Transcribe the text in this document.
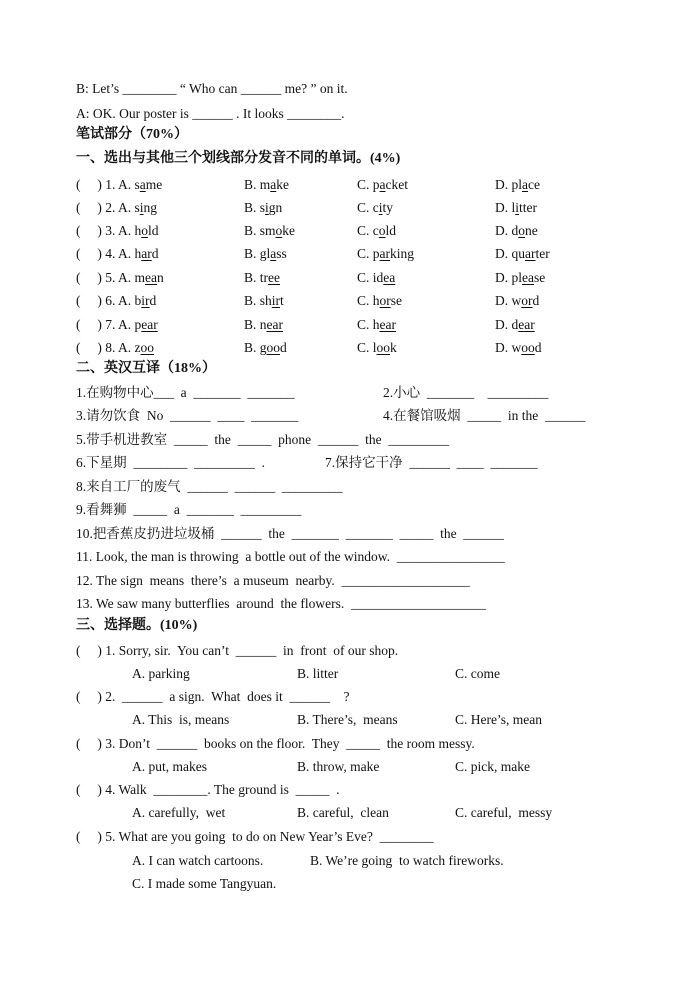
B: Let’s ________ “ Who can ______ me? ” on it.
A: OK. Our poster is ______ . It looks ________.
笔试部分（70%）
一、选出与其他三个划线部分发音不同的单词。(4%)
(     ) 1. A. same	B. make	C. packet	D. place
(     ) 2. A. sing	B. sign	C. city	D. litter
(     ) 3. A. hold	B. smoke	C. cold	D. done
(     ) 4. A. hard	B. glass	C. parking	D. quarter
(     ) 5. A. mean	B. tree	C. idea	D. please
(     ) 6. A. bird	B. shirt	C. horse	D. word
(     ) 7. A. pear	B. near	C. hear	D. dear
(     ) 8. A. zoo	B. good	C. look	D. wood
二、英汉互译（18%）
1.在购物中心___  a  _______  _______	2.小心  _______    _________
3.请勿饮食  No  ______  ____  _______	4.在餐馆吸烟  _____  in the  ______
5.带手机进教室  _____  the  _____  phone  ______  the  _________
6.下星期  ________  _________  .	7.保持它干净  ______  ____  _______
8.来自工厂的废气  ______  ______  _________
9.看舞狮  _____  a  _______  _________
10.把香蕉皮扔进垃圾桶  ______  the  _______  _______  _____  the  ______
11. Look, the man is throwing  a bottle out of the window.  ________________
12. The sign  means  there’s  a museum  nearby.  ___________________
13. We saw many butterflies  around  the flowers.  ____________________
三、选择题。(10%)
(     ) 1. Sorry, sir.  You can’t  ______  in  front  of our shop.
A. parking	B. litter	C. come
(     ) 2.  ______  a sign.  What  does it  ______    ?
A. This  is, means	B. There’s,  means	C. Here’s, mean
(     ) 3. Don’t  ______  books on the floor.  They  _____  the room messy.
A. put, makes	B. throw, make	C. pick, make
(     ) 4. Walk  ________. The ground is  _____  .
A. carefully,  wet	B. careful,  clean	C. careful,  messy
(     ) 5. What are you going  to do on New Year’s Eve?  ________
A. I can watch cartoons.	B. We’re going  to watch fireworks.
C. I made some Tangyuan.
